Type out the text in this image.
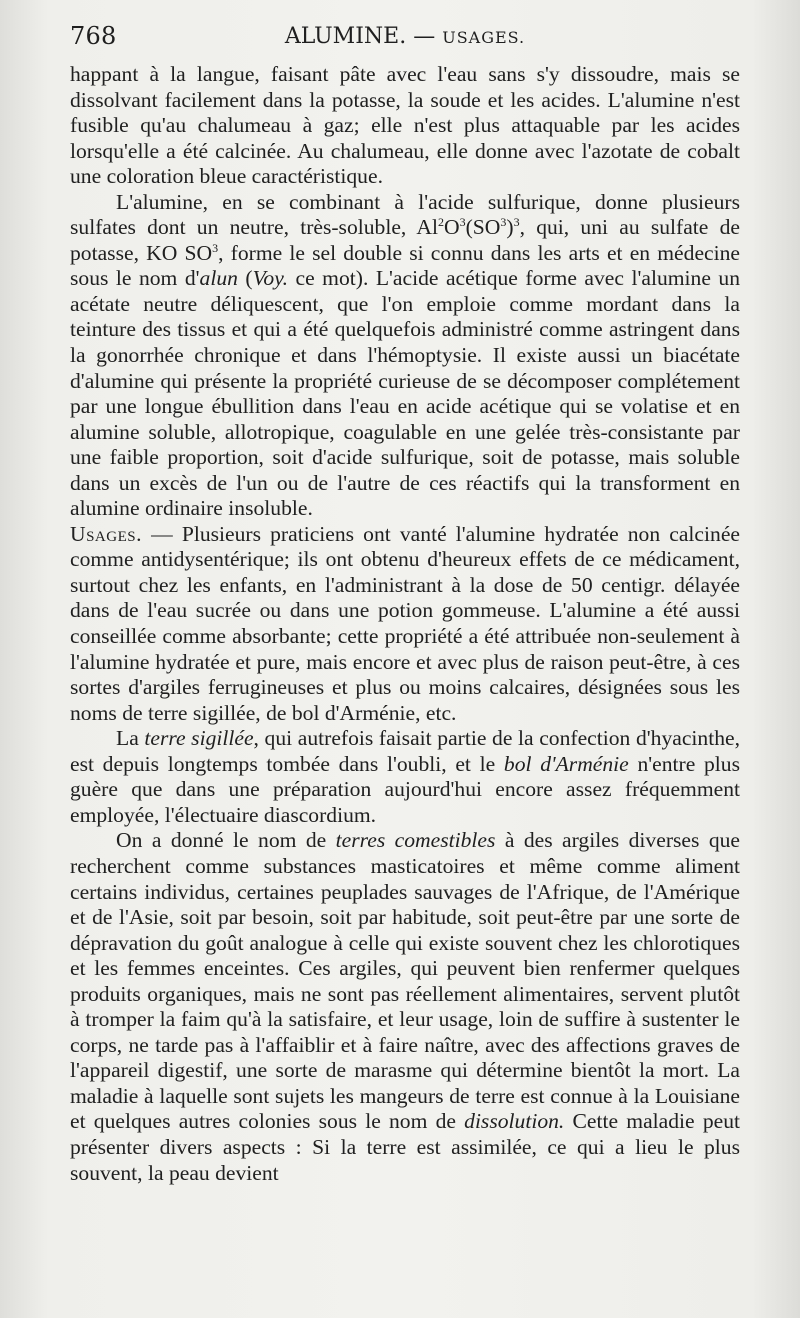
768	ALUMINE. — USAGES.

happant à la langue, faisant pâte avec l'eau sans s'y dissoudre, mais se dissolvant facilement dans la potasse, la soude et les acides. L'alumine n'est fusible qu'au chalumeau à gaz; elle n'est plus attaquable par les acides lorsqu'elle a été calcinée. Au chalumeau, elle donne avec l'azotate de cobalt une coloration bleue caractéristique.

L'alumine, en se combinant à l'acide sulfurique, donne plusieurs sulfates dont un neutre, très-soluble, $Al^2O^3(SO^3)^3$, qui, uni au sulfate de potasse, KO $SO^3$, forme le sel double si connu dans les arts et en médecine sous le nom d'alun (Voy. ce mot). L'acide acétique forme avec l'alumine un acétate neutre déliquescent, que l'on emploie comme mordant dans la teinture des tissus et qui a été quelquefois administré comme astringent dans la gonorrhée chronique et dans l'hémoptysie. Il existe aussi un biacétate d'alumine qui présente la propriété curieuse de se décomposer complétement par une longue ébullition dans l'eau en acide acétique qui se volatise et en alumine soluble, allotropique, coagulable en une gelée très-consistante par une faible proportion, soit d'acide sulfurique, soit de potasse, mais soluble dans un excès de l'un ou de l'autre de ces réactifs qui la transforment en alumine ordinaire insoluble.

Usages. — Plusieurs praticiens ont vanté l'alumine hydratée non calcinée comme antidysentérique; ils ont obtenu d'heureux effets de ce médicament, surtout chez les enfants, en l'administrant à la dose de 50 centigr. délayée dans de l'eau sucrée ou dans une potion gommeuse. L'alumine a été aussi conseillée comme absorbante; cette propriété a été attribuée non-seulement à l'alumine hydratée et pure, mais encore et avec plus de raison peut-être, à ces sortes d'argiles ferrugineuses et plus ou moins calcaires, désignées sous les noms de terre sigillée, de bol d'Arménie, etc.

La terre sigillée, qui autrefois faisait partie de la confection d'hyacinthe, est depuis longtemps tombée dans l'oubli, et le bol d'Arménie n'entre plus guère que dans une préparation aujourd'hui encore assez fréquemment employée, l'électuaire diascordium.

On a donné le nom de terres comestibles à des argiles diverses que recherchent comme substances masticatoires et même comme aliment certains individus, certaines peuplades sauvages de l'Afrique, de l'Amérique et de l'Asie, soit par besoin, soit par habitude, soit peut-être par une sorte de dépravation du goût analogue à celle qui existe souvent chez les chlorotiques et les femmes enceintes. Ces argiles, qui peuvent bien renfermer quelques produits organiques, mais ne sont pas réellement alimentaires, servent plutôt à tromper la faim qu'à la satisfaire, et leur usage, loin de suffire à sustenter le corps, ne tarde pas à l'affaiblir et à faire naître, avec des affections graves de l'appareil digestif, une sorte de marasme qui détermine bientôt la mort. La maladie à laquelle sont sujets les mangeurs de terre est connue à la Louisiane et quelques autres colonies sous le nom de dissolution. Cette maladie peut présenter divers aspects : Si la terre est assimilée, ce qui a lieu le plus souvent, la peau devient
